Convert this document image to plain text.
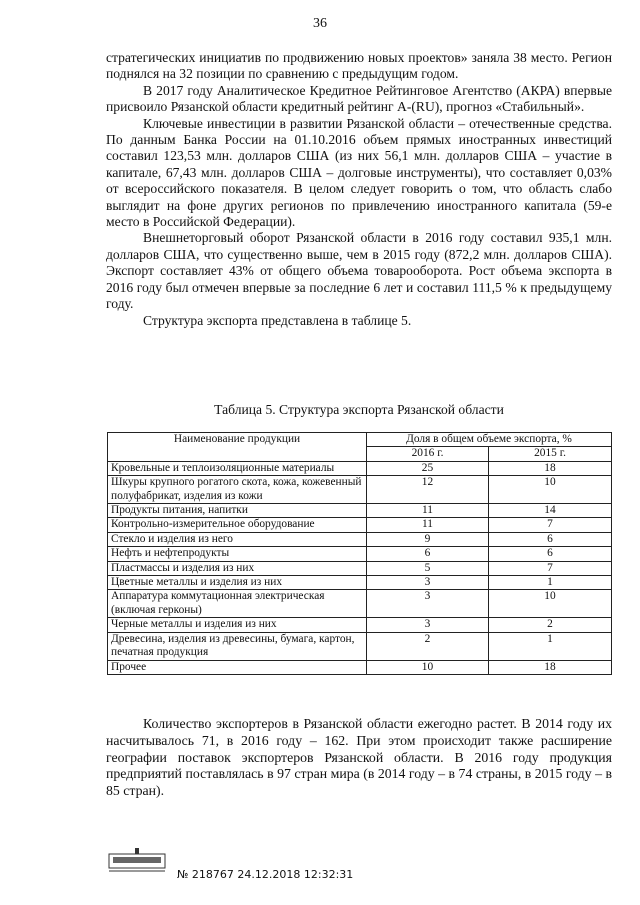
36

стратегических инициатив по продвижению новых проектов» заняла 38 место. Регион поднялся на 32 позиции по сравнению с предыдущим годом.

В 2017 году Аналитическое Кредитное Рейтинговое Агентство (АКРА) впервые присвоило Рязанской области кредитный рейтинг А-(RU), прогноз «Стабильный».

Ключевые инвестиции в развитии Рязанской области – отечественные средства. По данным Банка России на 01.10.2016 объем прямых иностранных инвестиций составил 123,53 млн. долларов США (из них 56,1 млн. долларов США – участие в капитале, 67,43 млн. долларов США – долговые инструменты), что составляет 0,03% от всероссийского показателя. В целом следует говорить о том, что область слабо выглядит на фоне других регионов по привлечению иностранного капитала (59-е место в Российской Федерации).

Внешнеторговый оборот Рязанской области в 2016 году составил 935,1 млн. долларов США, что существенно выше, чем в 2015 году (872,2 млн. долларов США). Экспорт составляет 43% от общего объема товарооборота. Рост объема экспорта в 2016 году был отмечен впервые за последние 6 лет и составил 111,5 % к предыдущему году.

Структура экспорта представлена в таблице 5.

Таблица 5. Структура экспорта Рязанской области
Наименование продукции	Доля в общем объеме экспорта, %	
	2016 г.	2015 г.
Кровельные и теплоизоляционные материалы	25	18
Шкуры крупного рогатого скота, кожа, кожевенный полуфабрикат, изделия из кожи	12	10
Продукты питания, напитки	11	14
Контрольно-измерительное оборудование	11	7
Стекло и изделия из него	9	6
Нефть и нефтепродукты	6	6
Пластмассы и изделия из них	5	7
Цветные металлы и изделия из них	3	1
Аппаратура коммутационная электрическая (включая герконы)	3	10
Черные металлы и изделия из них	3	2
Древесина, изделия из древесины, бумага, картон, печатная продукция	2	1
Прочее	10	18

Количество экспортеров в Рязанской области ежегодно растет. В 2014 году их насчитывалось 71, в 2016 году – 162. При этом происходит также расширение географии поставок экспортеров Рязанской области. В 2016 году продукция предприятий поставлялась в 97 стран мира (в 2014 году – в 74 страны, в 2015 году – в 85 стран).

№ 218767 24.12.2018 12:32:31
